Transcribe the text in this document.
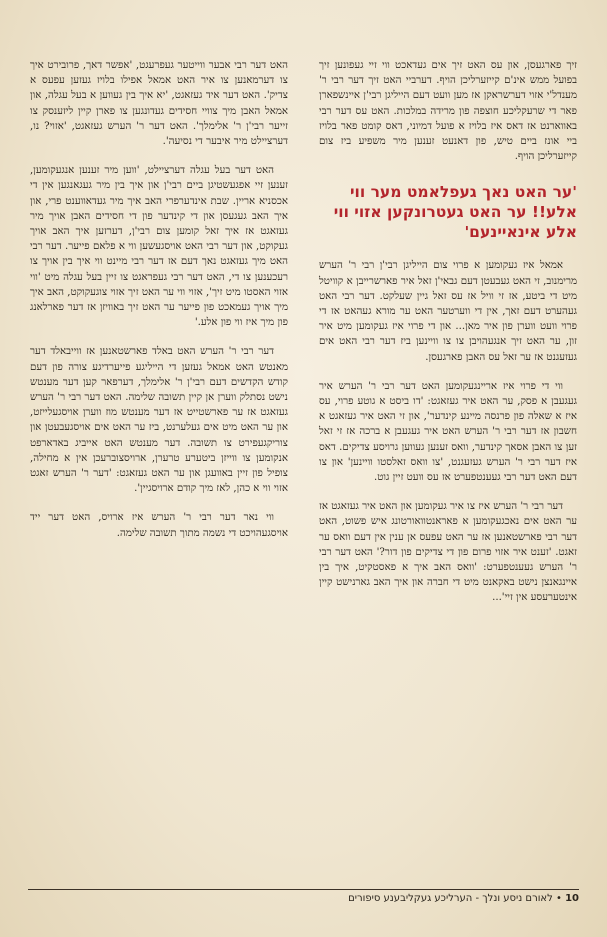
זיך פארגעסן, און עס האט זיך אים געדאכט ווי זיי געפונען זיך בפועל ממש אינ'ם קייזערליכן הויף. דערביי האט זיך דער רבי ר' מענדל'י אזוי דערשראקן אז מען וועט דעם הייליגן רבי'ן איינשפארן פאר די שרעקליכע חוצפה פון מרידה במלכות. האט עס דער רבי באווארנט אז דאס איז בלויז א פועל דמיוני, דאס קומט פאר בלויז ביי אונז ביים טיש, פון דאנעט זענען מיר משפיע ביז צום קייזערליכן הויף.

'ער האט נאך געפלאמט מער ווי אלע!! ער האט געטרונקען אזוי ווי אלע אינאיינעם'

אמאל איז געקומען א פרוי צום הייליגן רבי'ן רבי ר' הערש מרימנוב, זי האט געבעטן דעם גבאי'ן זאל איר פארשרייבן א קוויטל מיט די ביטע, אז זי וויל אז עס זאל גיין שעלקט. דער רבי האט געהערט דעם זאך, אין די ווערטער האט ער מורא געהאט אז די פרוי וועט ווערן פון איר מאן... און די פרוי איז געקומען מיט איר זון, ער האט זיך אנגעהויבן צו צו וויינען ביז דער רבי האט אים געזעגנט אז ער זאל עס האבן פארגעסן.

ווי די פרוי איז אריינגעקומען האט דער רבי ר' הערש איר געגעבן א פסק, ער האט איר געזאגט: 'דו ביסט א גוטע פרוי, עס איז א שאלה פון פרנסה מיינע קינדער', און זי האט איר געזאגט א חשבון אז דער רבי ר' הערש האט איר געגעבן א ברכה אז זי זאל זען צו האבן אסאך קינדער, וואס זענען געווען גרויסע צדיקים. דאס איז דער רבי ר' הערש געזעגנט, 'צו וואס זאלסטו וויינען' און צו דעם האט דער רבי געענטפערט אז עס וועט זיין גוט.

דער רבי ר' הערש איז צו איר געקומען און האט איר געזאגט אז ער האט אים נאכגעקומען א פאראנטוואורטונג איש פשוט, האט דער רבי פארשטאנען אז ער האט עפעס אן ענין אין דעם וואס ער זאגט. 'זענט איר אזוי פרום פון די צדיקים פון דור?' האט דער רבי ר' הערש געענטפערט: 'וואס האב איך א פאסטקיט, איך בין איינגאנצן נישט באקאנט מיט די חברה און איך האב גארנישט קיין אינטערעסע אין זיי'...

האט דער רבי אבער ווייטער געפרעגט, 'אפשר דאך, פרובירט איך צו דערמאנען צו איר האט אמאל אפילו בלויז געזען עפעס א צדיק'. האט דער איד געזאגט, 'יא איך בין געווען א בעל עגלה, און אמאל האבן מיך צוויי חסידים געדונגען צו פארן קיין ליזענסק צו זייער רבי'ן ר' אלימלך'. האט דער ר' הערש געזאגט, 'אזוי? נו, דערציילט מיר איבער די נסיעה'.

האט דער בעל עגלה דערציילט, 'ווען מיר זענען אנגעקומען, זענען זיי אפגעשטיגן ביים רבי'ן און איך בין מיר געגאנגען אין די אכסניא אריין. שבת אינדערפרי האב איך מיר געדאווענט פרי, און איך האב געגעסן און די קינדער פון די חסידים האבן אויך מיר געזאגט אז איך זאל קומען צום רבי'ן, דערזען איך האב אויך געקוקט, און דער רבי האט אויסגעשען ווי א פלאם פייער. דער רבי האט מיך געזאגט נאך דעם אז דער רבי מיינט ווי איך בין אויך צו רעכענען צו די, האט דער רבי געפראגט צו זיין בעל עגלה מיט 'ווי אזוי האסטו מיט זיך', אזוי ווי ער האט זיך אזוי צוגעקוקט, האב איך מיך אויך געמאכט פון פייער ער האט זיך באוויזן אז דער פארלאנג פון מיך איז ווי פון אלע.'

דער רבי ר' הערש האט באלד פארשטאנען אז ווייבאלד דער מאנטש האט אמאל געזען די הייליגע פייערדיגע צורה פון דעם קודש הקדשים דעם רבי'ן ר' אלימלך, דערפאר קען דער מענטש נישט נסתלק ווערן אן קיין תשובה שלימה. האט דער רבי ר' הערש געזאגט אז ער פארשטייט אז דער מענטש מוז ווערן אויסגעלייזט, און ער האט מיט אים געלערנט, ביז ער האט אים אויסגעבעטן און צוריקגעפירט צו תשובה. דער מענטש האט אייביג באדארפט אנקומען צו ווייזן ביטערע טרערן, ארויסצוברעכן אין א מחילה, צופיל פון זיין באוועגן און ער האט געזאגט: 'דער ר' הערש זאגט אזוי ווי א כהן, לאז מיך קודם ארויסגיין'.

ווי נאר דער רבי ר' הערש איז ארויס, האט דער ייד אויסגעהויכט די נשמה מתוך תשובה שלימה.

10 • לאורם ניסע ונלך - הערליכע געקליבענע סיפורים
